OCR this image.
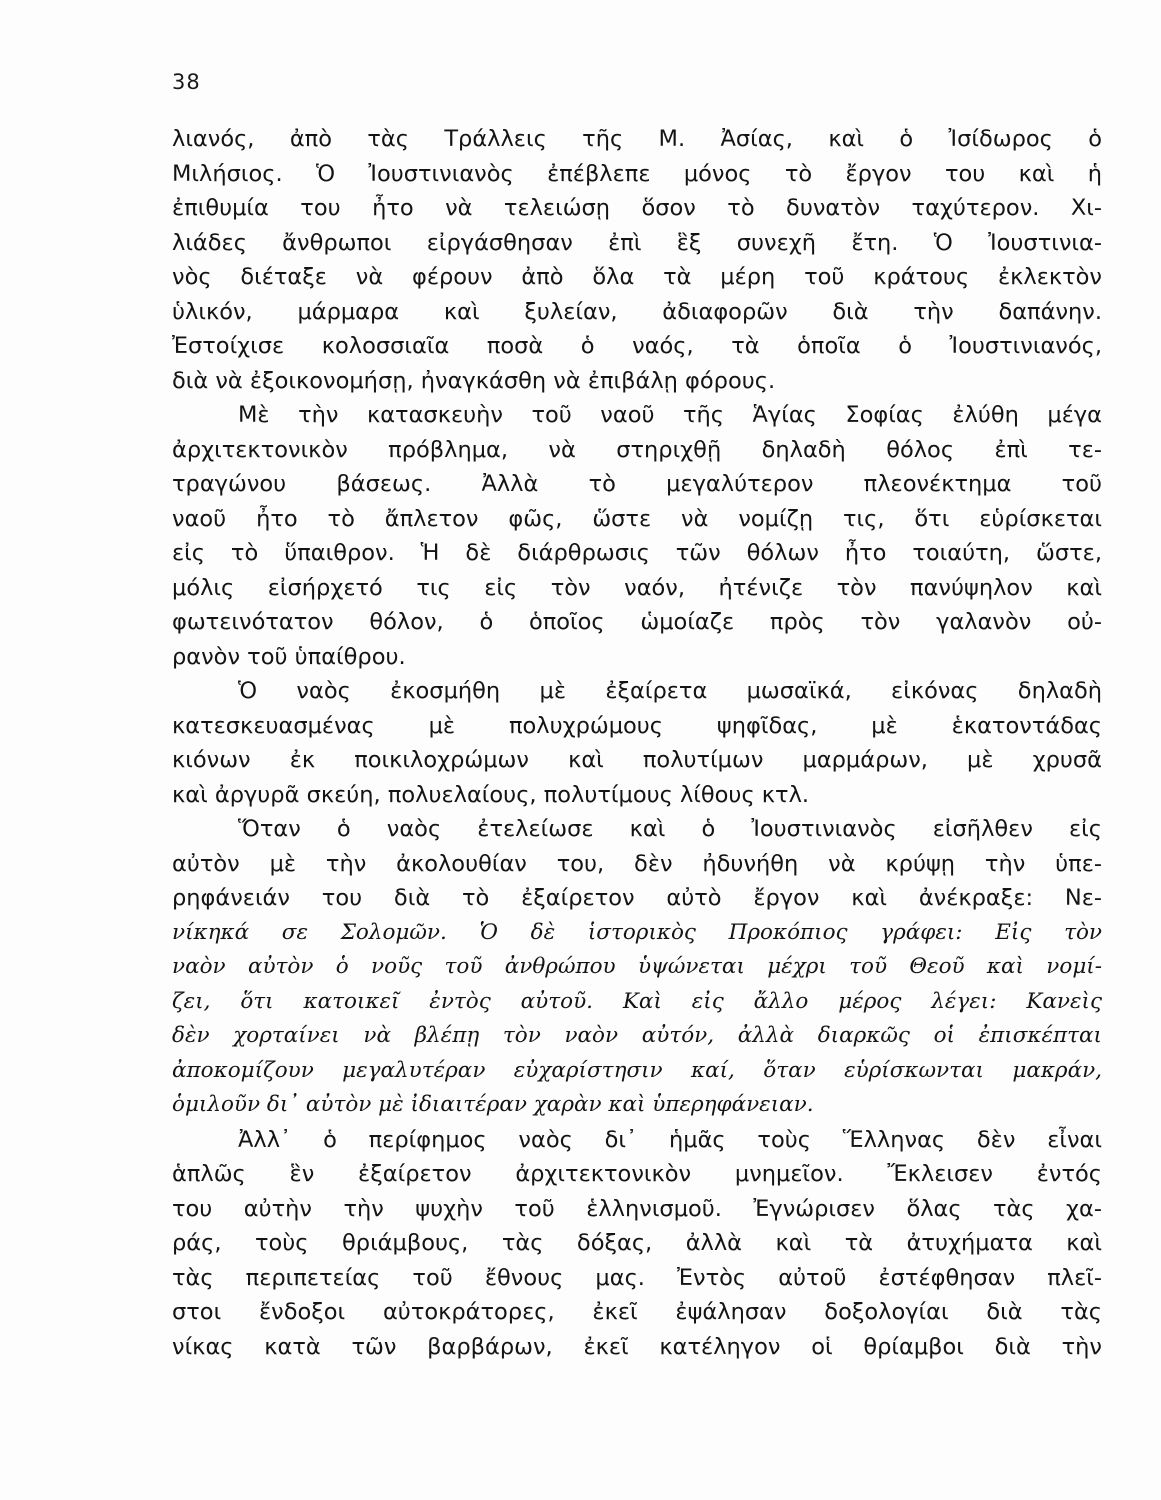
38
λιανός, ἀπὸ τὰς Τράλλεις τῆς Μ. Ἀσίας, καὶ ὁ Ἰσίδωρος ὁ
Μιλήσιος. Ὁ Ἰουστινιανὸς ἐπέβλεπε μόνος τὸ ἔργον του καὶ ἡ
ἐπιθυμία του ἦτο νὰ τελειώσῃ ὅσον τὸ δυνατὸν ταχύτερον. Χι-
λιάδες ἄνθρωποι εἰργάσθησαν ἐπὶ ἓξ συνεχῆ ἔτη. Ὁ Ἰουστινια-
νὸς διέταξε νὰ φέρουν ἀπὸ ὅλα τὰ μέρη τοῦ κράτους ἐκλεκτὸν
ὑλικόν, μάρμαρα καὶ ξυλείαν, ἀδιαφορῶν διὰ τὴν δαπάνην.
Ἐστοίχισε κολοσσιαῖα ποσὰ ὁ ναός, τὰ ὁποῖα ὁ Ἰουστινιανός,
διὰ νὰ ἐξοικονομήσῃ, ἠναγκάσθη νὰ ἐπιβάλῃ φόρους.
Μὲ τὴν κατασκευὴν τοῦ ναοῦ τῆς Ἁγίας Σοφίας ἐλύθη μέγα
ἀρχιτεκτονικὸν πρόβλημα, νὰ στηριχθῇ δηλαδὴ θόλος ἐπὶ τε-
τραγώνου βάσεως. Ἀλλὰ τὸ μεγαλύτερον πλεονέκτημα τοῦ
ναοῦ ἦτο τὸ ἄπλετον φῶς, ὥστε νὰ νομίζῃ τις, ὅτι εὑρίσκεται
εἰς τὸ ὕπαιθρον. Ἡ δὲ διάρθρωσις τῶν θόλων ἦτο τοιαύτη, ὥστε,
μόλις εἰσήρχετό τις εἰς τὸν ναόν, ἠτένιζε τὸν πανύψηλον καὶ
φωτεινότατον θόλον, ὁ ὁποῖος ὡμοίαζε πρὸς τὸν γαλανὸν οὐ-
ρανὸν τοῦ ὑπαίθρου.
Ὁ ναὸς ἐκοσμήθη μὲ ἐξαίρετα μωσαϊκά, εἰκόνας δηλαδὴ
κατεσκευασμένας μὲ πολυχρώμους ψηφῖδας, μὲ ἑκατοντάδας
κιόνων ἐκ ποικιλοχρώμων καὶ πολυτίμων μαρμάρων, μὲ χρυσᾶ
καὶ ἀργυρᾶ σκεύη, πολυελαίους, πολυτίμους λίθους κτλ.
Ὅταν ὁ ναὸς ἐτελείωσε καὶ ὁ Ἰουστινιανὸς εἰσῆλθεν εἰς
αὐτὸν μὲ τὴν ἀκολουθίαν του, δὲν ἠδυνήθη νὰ κρύψῃ τὴν ὑπε-
ρηφάνειάν του διὰ τὸ ἐξαίρετον αὐτὸ ἔργον καὶ ἀνέκραξε: Νε-
νίκηκά σε Σολομῶν. Ὁ δὲ ἱστορικὸς Προκόπιος γράφει: Εἰς τὸν
ναὸν αὐτὸν ὁ νοῦς τοῦ ἀνθρώπου ὑψώνεται μέχρι τοῦ Θεοῦ καὶ νομί-
ζει, ὅτι κατοικεῖ ἐντὸς αὐτοῦ. Καὶ εἰς ἄλλο μέρος λέγει: Κανεὶς
δὲν χορταίνει νὰ βλέπῃ τὸν ναὸν αὐτόν, ἀλλὰ διαρκῶς οἱ ἐπισκέπται
ἀποκομίζουν μεγαλυτέραν εὐχαρίστησιν καί, ὅταν εὑρίσκωνται μακράν,
ὁμιλοῦν δι᾽ αὐτὸν μὲ ἰδιαιτέραν χαρὰν καὶ ὑπερηφάνειαν.
Ἀλλ᾽ ὁ περίφημος ναὸς δι᾽ ἡμᾶς τοὺς Ἕλληνας δὲν εἶναι
ἁπλῶς ἓν ἐξαίρετον ἀρχιτεκτονικὸν μνημεῖον. Ἔκλεισεν ἐντός
του αὐτὴν τὴν ψυχὴν τοῦ ἑλληνισμοῦ. Ἐγνώρισεν ὅλας τὰς χα-
ράς, τοὺς θριάμβους, τὰς δόξας, ἀλλὰ καὶ τὰ ἀτυχήματα καὶ
τὰς περιπετείας τοῦ ἔθνους μας. Ἐντὸς αὐτοῦ ἐστέφθησαν πλεῖ-
στοι ἔνδοξοι αὐτοκράτορες, ἐκεῖ ἐψάλησαν δοξολογίαι διὰ τὰς
νίκας κατὰ τῶν βαρβάρων, ἐκεῖ κατέληγον οἱ θρίαμβοι διὰ τὴν
